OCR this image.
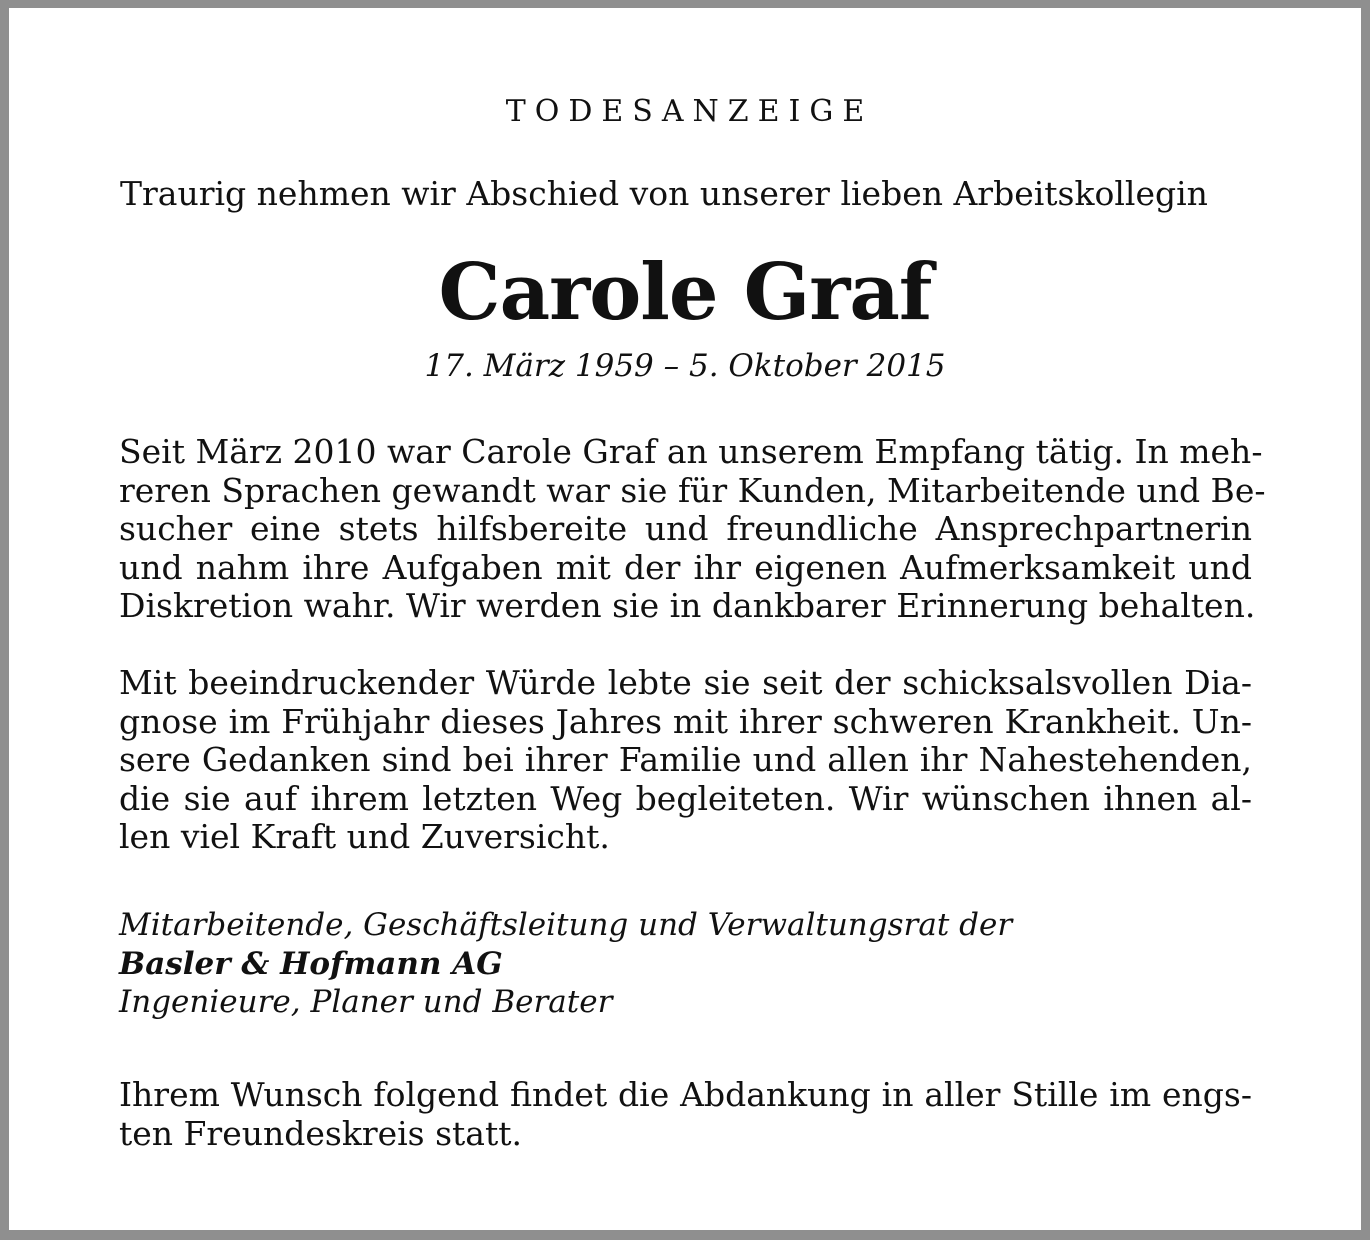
TODESANZEIGE
Traurig nehmen wir Abschied von unserer lieben Arbeitskollegin
Carole Graf
17. März 1959 – 5. Oktober 2015
Seit März 2010 war Carole Graf an unserem Empfang tätig. In meh-
reren Sprachen gewandt war sie für Kunden, Mitarbeitende und Be-
sucher eine stets hilfsbereite und freundliche Ansprechpartnerin
und nahm ihre Aufgaben mit der ihr eigenen Aufmerksamkeit und
Diskretion wahr. Wir werden sie in dankbarer Erinnerung behalten.
Mit beeindruckender Würde lebte sie seit der schicksalsvollen Dia-
gnose im Frühjahr dieses Jahres mit ihrer schweren Krankheit. Un-
sere Gedanken sind bei ihrer Familie und allen ihr Nahestehenden,
die sie auf ihrem letzten Weg begleiteten. Wir wünschen ihnen al-
len viel Kraft und Zuversicht.
Mitarbeitende, Geschäftsleitung und Verwaltungsrat der
Basler & Hofmann AG
Ingenieure, Planer und Berater
Ihrem Wunsch folgend findet die Abdankung in aller Stille im engs-
ten Freundeskreis statt.
